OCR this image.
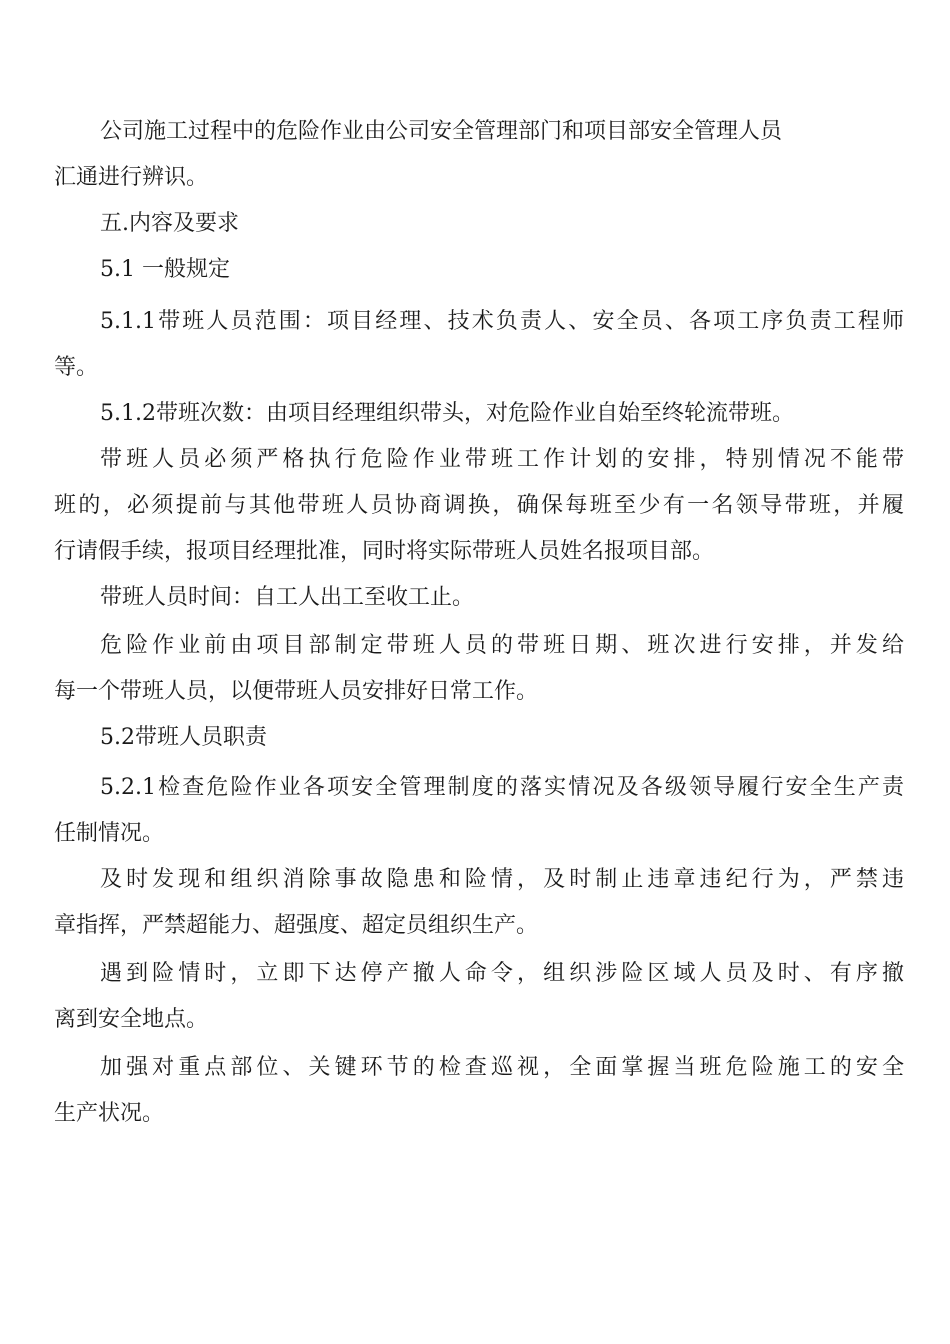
公司施工过程中的危险作业由公司安全管理部门和项目部安全管理人员
汇通进行辨识。
五.内容及要求
5.1 一般规定
5.1.1带班人员范围：项目经理、技术负责人、安全员、各项工序负责工程师
等。
5.1.2带班次数：由项目经理组织带头，对危险作业自始至终轮流带班。
带班人员必须严格执行危险作业带班工作计划的安排，特别情况不能带
班的，必须提前与其他带班人员协商调换，确保每班至少有一名领导带班，并履
行请假手续，报项目经理批准，同时将实际带班人员姓名报项目部。
带班人员时间：自工人出工至收工止。
危险作业前由项目部制定带班人员的带班日期、班次进行安排，并发给
每一个带班人员，以便带班人员安排好日常工作。
5.2带班人员职责
5.2.1检查危险作业各项安全管理制度的落实情况及各级领导履行安全生产责
任制情况。
及时发现和组织消除事故隐患和险情，及时制止违章违纪行为，严禁违
章指挥，严禁超能力、超强度、超定员组织生产。
遇到险情时，立即下达停产撤人命令，组织涉险区域人员及时、有序撤
离到安全地点。
加强对重点部位、关键环节的检查巡视，全面掌握当班危险施工的安全
生产状况。
